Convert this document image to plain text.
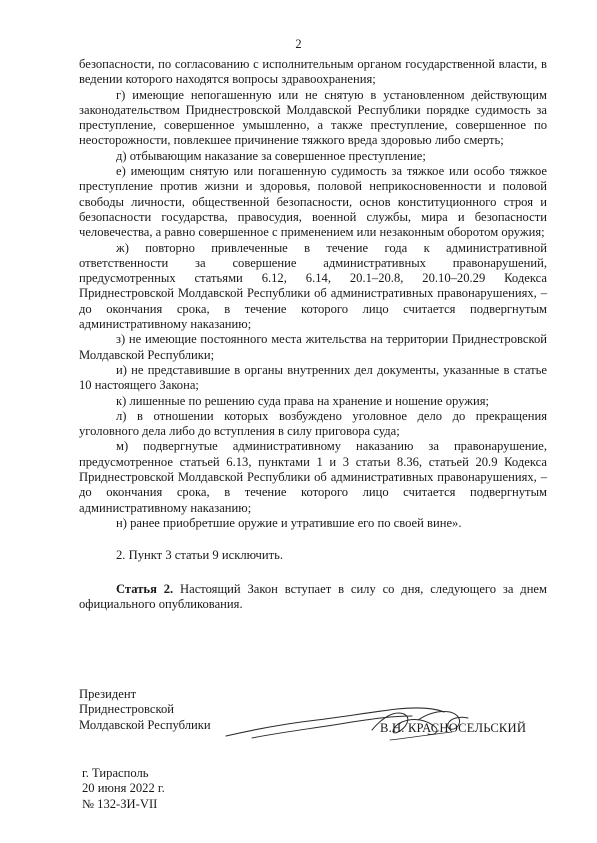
2

безопасности, по согласованию с исполнительным органом государственной власти, в ведении которого находятся вопросы здравоохранения;

г) имеющие непогашенную или не снятую в установленном действующим законодательством Приднестровской Молдавской Республики порядке судимость за преступление, совершенное умышленно, а также преступление, совершенное по неосторожности, повлекшее причинение тяжкого вреда здоровью либо смерть;

д) отбывающим наказание за совершенное преступление;

е) имеющим снятую или погашенную судимость за тяжкое или особо тяжкое преступление против жизни и здоровья, половой неприкосновенности и половой свободы личности, общественной безопасности, основ конституционного строя и безопасности государства, правосудия, военной службы, мира и безопасности человечества, а равно совершенное с применением или незаконным оборотом оружия;

ж) повторно привлеченные в течение года к административной ответственности за совершение административных правонарушений, предусмотренных статьями 6.12, 6.14, 20.1–20.8, 20.10–20.29 Кодекса Приднестровской Молдавской Республики об административных правонарушениях, – до окончания срока, в течение которого лицо считается подвергнутым административному наказанию;

з) не имеющие постоянного места жительства на территории Приднестровской Молдавской Республики;

и) не представившие в органы внутренних дел документы, указанные в статье 10 настоящего Закона;

к) лишенные по решению суда права на хранение и ношение оружия;

л) в отношении которых возбуждено уголовное дело до прекращения уголовного дела либо до вступления в силу приговора суда;

м) подвергнутые административному наказанию за правонарушение, предусмотренное статьей 6.13, пунктами 1 и 3 статьи 8.36, статьей 20.9 Кодекса Приднестровской Молдавской Республики об административных правонарушениях, – до окончания срока, в течение которого лицо считается подвергнутым административному наказанию;

н) ранее приобретшие оружие и утратившие его по своей вине».

2. Пункт 3 статьи 9 исключить.

Статья 2. Настоящий Закон вступает в силу со дня, следующего за днем официального опубликования.

Президент

Приднестровской

Молдавской Республики	В.Н. КРАСНОСЕЛЬСКИЙ

г. Тирасполь

20 июня 2022 г.

№ 132-ЗИ-VII
